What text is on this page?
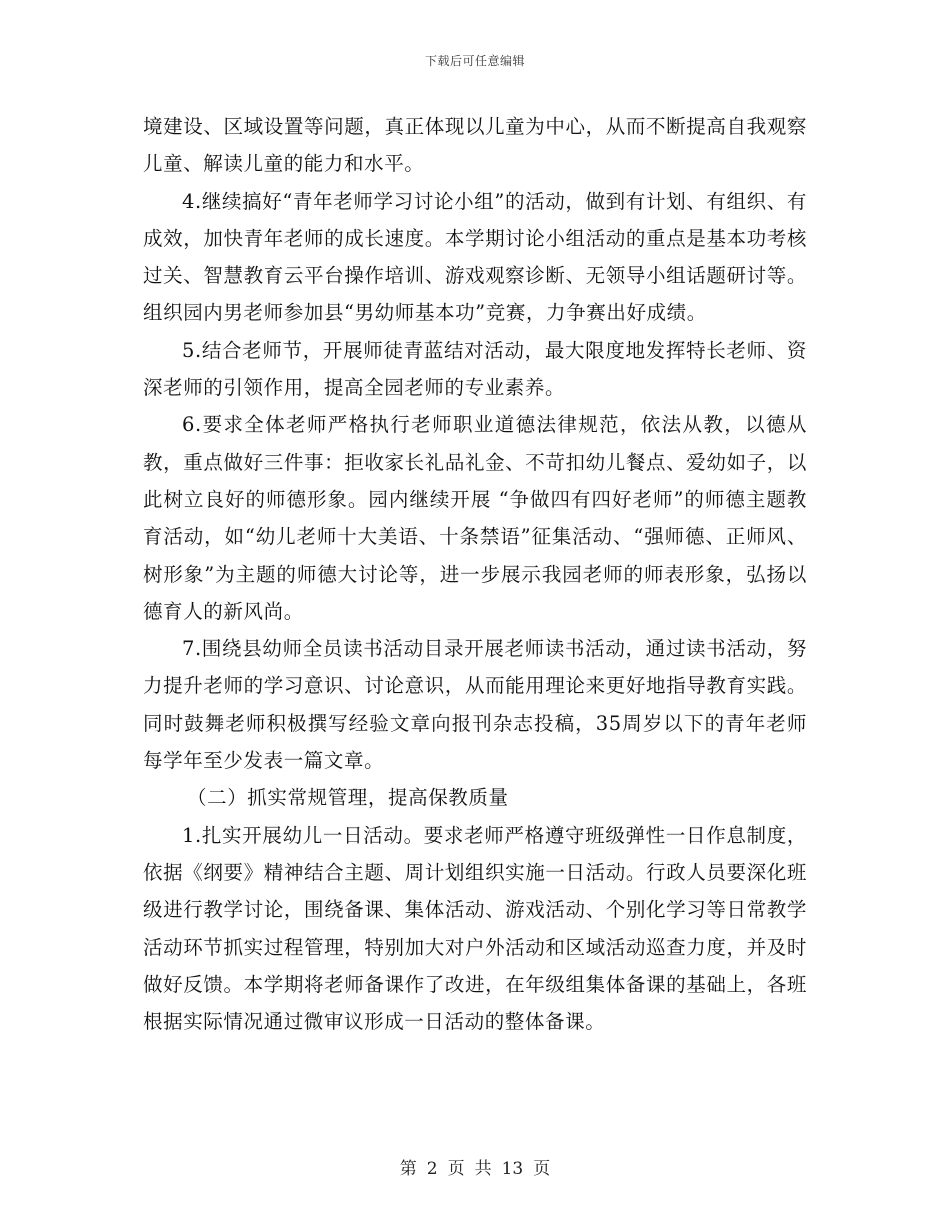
下载后可任意编辑

境建设、区域设置等问题，真正体现以儿童为中心，从而不断提高自我观察儿童、解读儿童的能力和水平。

4.继续搞好“青年老师学习讨论小组”的活动，做到有计划、有组织、有成效，加快青年老师的成长速度。本学期讨论小组活动的重点是基本功考核过关、智慧教育云平台操作培训、游戏观察诊断、无领导小组话题研讨等。组织园内男老师参加县“男幼师基本功”竞赛，力争赛出好成绩。

5.结合老师节，开展师徒青蓝结对活动，最大限度地发挥特长老师、资深老师的引领作用，提高全园老师的专业素养。

6.要求全体老师严格执行老师职业道德法律规范，依法从教，以德从教，重点做好三件事：拒收家长礼品礼金、不苛扣幼儿餐点、爱幼如子，以此树立良好的师德形象。园内继续开展 “争做四有四好老师”的师德主题教育活动，如“幼儿老师十大美语、十条禁语”征集活动、“强师德、正师风、树形象”为主题的师德大讨论等，进一步展示我园老师的师表形象，弘扬以德育人的新风尚。

7.围绕县幼师全员读书活动目录开展老师读书活动，通过读书活动，努力提升老师的学习意识、讨论意识，从而能用理论来更好地指导教育实践。同时鼓舞老师积极撰写经验文章向报刊杂志投稿，35周岁以下的青年老师每学年至少发表一篇文章。

（二）抓实常规管理，提高保教质量

1.扎实开展幼儿一日活动。要求老师严格遵守班级弹性一日作息制度，依据《纲要》精神结合主题、周计划组织实施一日活动。行政人员要深化班级进行教学讨论，围绕备课、集体活动、游戏活动、个别化学习等日常教学活动环节抓实过程管理，特别加大对户外活动和区域活动巡查力度，并及时做好反馈。本学期将老师备课作了改进，在年级组集体备课的基础上，各班根据实际情况通过微审议形成一日活动的整体备课。

第 2 页 共 13 页
